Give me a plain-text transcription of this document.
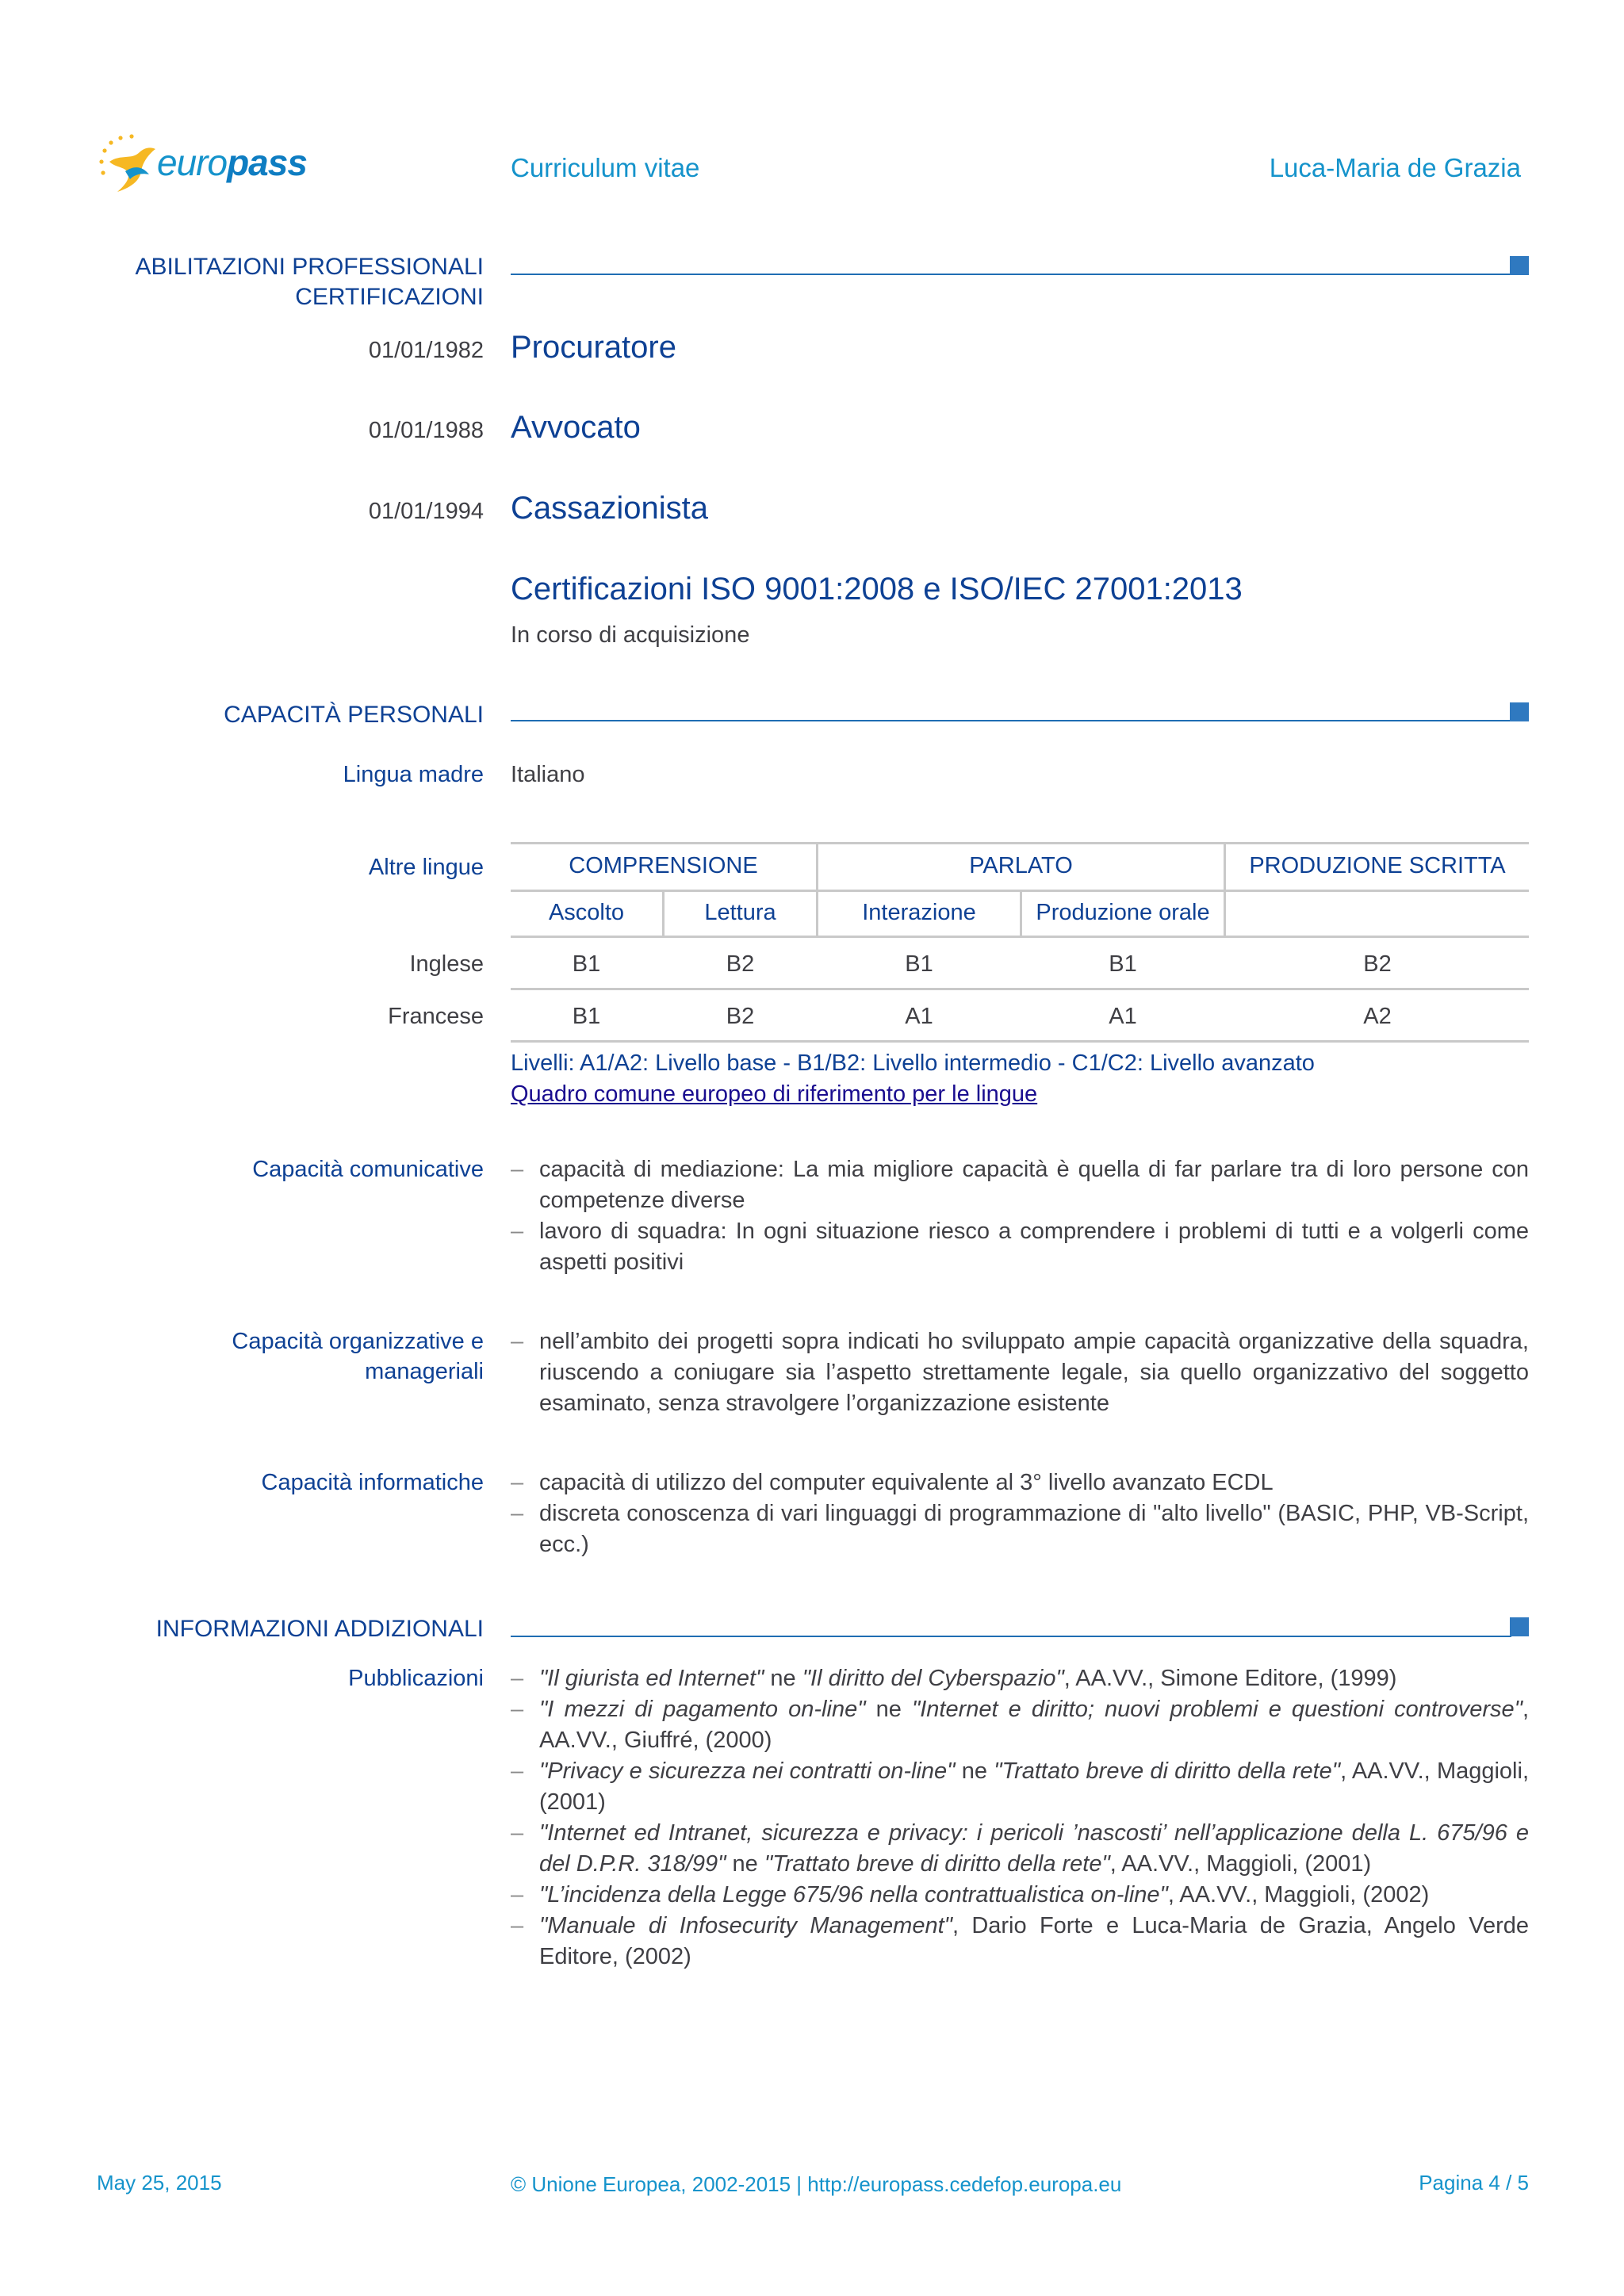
europass	Curriculum vitae	Luca-Maria de Grazia
ABILITAZIONI PROFESSIONALI
CERTIFICAZIONI
01/01/1982 Procuratore
01/01/1988 Avvocato
01/01/1994 Cassazionista
Certificazioni ISO 9001:2008 e ISO/IEC 27001:2013
In corso di acquisizione
CAPACITÀ PERSONALI
Lingua madre Italiano
Altre lingue	COMPRENSIONE	PARLATO	PRODUZIONE SCRITTA
Ascolto	Lettura	Interazione	Produzione orale
Inglese	B1	B2	B1	B1	B2
Francese	B1	B2	A1	A1	A2
Livelli: A1/A2: Livello base - B1/B2: Livello intermedio - C1/C2: Livello avanzato
Quadro comune europeo di riferimento per le lingue
Capacità comunicative	– capacità di mediazione: La mia migliore capacità è quella di far parlare tra di loro persone con competenze diverse
– lavoro di squadra: In ogni situazione riesco a comprendere i problemi di tutti e a volgerli come aspetti positivi
Capacità organizzative e
manageriali
– nell’ambito dei progetti sopra indicati ho sviluppato ampie capacità organizzative della squadra, riuscendo a coniugare sia l’aspetto strettamente legale, sia quello organizzativo del soggetto esaminato, senza stravolgere l’organizzazione esistente
Capacità informatiche	– capacità di utilizzo del computer equivalente al 3° livello avanzato ECDL
– discreta conoscenza di vari linguaggi di programmazione di "alto livello" (BASIC, PHP, VB-Script, ecc.)
INFORMAZIONI ADDIZIONALI
Pubblicazioni	– "Il giurista ed Internet" ne "Il diritto del Cyberspazio", AA.VV., Simone Editore, (1999)
– "I mezzi di pagamento on-line" ne "Internet e diritto; nuovi problemi e questioni controverse", AA.VV., Giuffré, (2000)
– "Privacy e sicurezza nei contratti on-line" ne "Trattato breve di diritto della rete", AA.VV., Maggioli, (2001)
– "Internet ed Intranet, sicurezza e privacy: i pericoli ’nascosti’ nell’applicazione della L. 675/96 e del D.P.R. 318/99" ne "Trattato breve di diritto della rete", AA.VV., Maggioli, (2001)
– "L’incidenza della Legge 675/96 nella contrattualistica on-line", AA.VV., Maggioli, (2002)
– "Manuale di Infosecurity Management", Dario Forte e Luca-Maria de Grazia, Angelo Verde Editore, (2002)
May 25, 2015	© Unione Europea, 2002-2015 | http://europass.cedefop.europa.eu	Pagina 4 / 5
